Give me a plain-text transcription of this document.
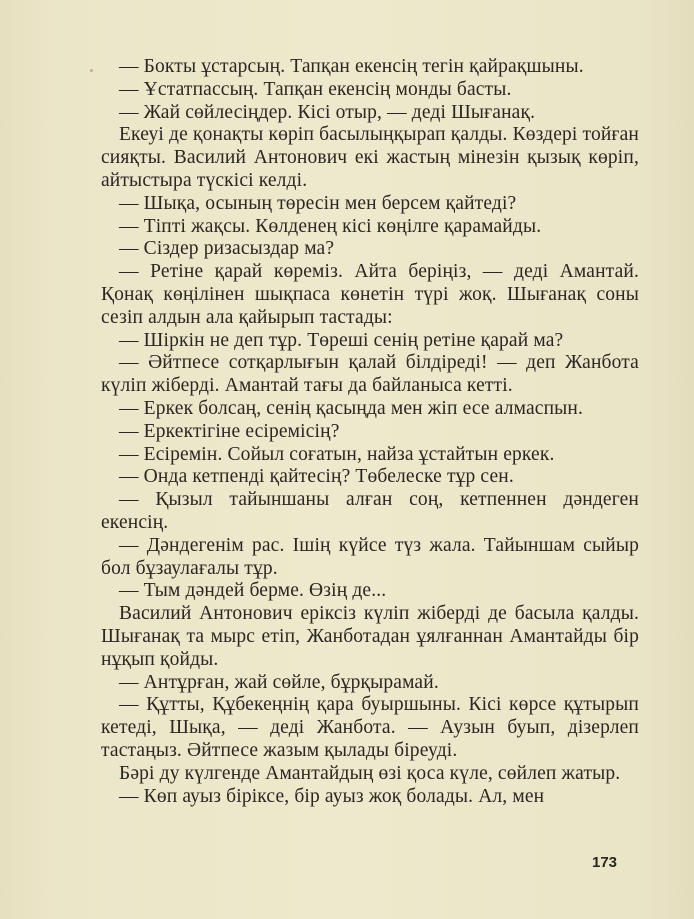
— Бокты ұстарсың. Тапқан екенсің тегін қайрақшыны.

— Ұстатпассың. Тапқан екенсің монды басты.

— Жай сөйлесіңдер. Кісі отыр, — деді Шығанақ.

Екеуі де қонақты көріп басылыңқырап қалды. Көздері тойған сияқты. Василий Антонович екі жастың мінезін қызық көріп, айтыстыра түскісі келді.

— Шықа, осының төресін мен берсем қайтеді?

— Тіпті жақсы. Көлденең кісі көңілге қарамайды.

— Сіздер ризасыздар ма?

— Ретіне қарай көреміз. Айта беріңіз, — деді Амантай. Қонақ көңілінен шықпаса көнетін түрі жоқ. Шығанақ соны сезіп алдын ала қайырып тастады:

— Шіркін не деп тұр. Төреші сенің ретіне қарай ма?

— Әйтпесе сотқарлығын қалай білдіреді! — деп Жанбота күліп жіберді. Амантай тағы да байланыса кетті.

— Еркек болсаң, сенің қасыңда мен жіп есе алмаспын.

— Еркектігіне есіремісің?

— Есіремін. Сойыл соғатын, найза ұстайтын еркек.

— Онда кетпенді қайтесің? Төбелеске тұр сен.

— Қызыл тайыншаны алған соң, кетпеннен дәндеген екенсің.

— Дәндегенім рас. Ішің күйсе түз жала. Тайыншам сыйыр бол бұзаулағалы тұр.

— Тым дәндей берме. Өзің де...

Василий Антонович еріксіз күліп жіберді де басыла қалды. Шығанақ та мырс етіп, Жанботадан ұялғаннан Амантайды бір нұқып қойды.

— Антұрған, жай сөйле, бұрқырамай.

— Құтты, Құбекеңнің қара буыршыны. Кісі көрсе құтырып кетеді, Шықа, — деді Жанбота. — Аузын буып, дізерлеп тастаңыз. Әйтпесе жазым қылады біреуді.

Бәрі ду күлгенде Амантайдың өзі қоса күле, сөйлеп жатыр.

— Көп ауыз біріксе, бір ауыз жоқ болады. Ал, мен

173
